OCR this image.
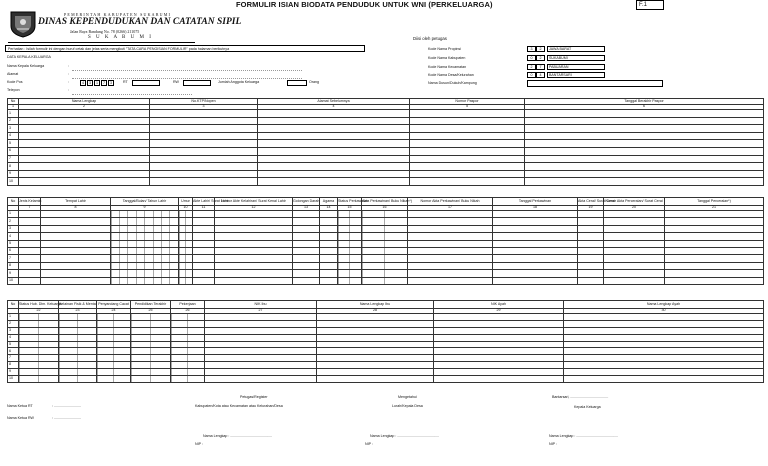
FORMULIR ISIAN BIODATA PENDUDUK UNTUK WNI (PERKELUARGA)	F.1
PEMERINTAH KABUPATEN SUKABUMI
DINAS KEPENDUDUKAN DAN CATATAN SIPIL
Jalan Raya Bandung No. 78 (0266) 211075
S U K A B U M I	Diisi oleh petugas
Kode Nama Propinsi	3	2	JAWA BARAT
Kode Nama Kabupaten	0	2	SUKABUMI
Kode Nama Kecamatan	2	7	PABUARAN
Kode Nama Desa/Kelurahan	0	4	BANTARSARI
Nama Dusun/Dukuh/Kampung
Perhatian : Isilah formulir ini dengan huruf cetak dan jelas serta mengikuti "TATA CARA PENGISIAN FORMULIR" pada halaman berikutnya
DATA KEPALA KELUARGA
Nama Kepala Keluarga	:
Alamat	:
Kode Pos	:	4	3	1	7	3	RT	RW	Jumlah Anggota Keluarga	Orang
Telepon	:
No	Nama Lengkap	No.KTP/Nopen	Alamat Sebelumnya	Nomor Paspor	Tanggal Berakhir Paspor
1	2	3	4	5	6
1					
2					
3					
4					
5					
6					
7					
8					
9					
10					
No	Jenis Kelamin	Tempat Lahir	Tanggal/Bulan/ Tahun Lahir	Umur	Akte Lahir/ Surat Lahir	Nomor Akte Kelahiran/ Surat Kenal Lahir	Golongan Darah	Agama	Status Perkawinan	Akta Perkawinan/ Buku Nikah*)	Nomor Akta Perkawinan/ Buku Nikah	Tanggal Perkawinan	Akta Cerai/ Surat Cerai	Nomor Akta Perceraian/ Surat Cerai	Tanggal Perceraian*)
	7	8	9	10	11	12	13	14	15	16	17	18	19	20	21
1															
2															
3															
4															
5															
6															
7															
8															
9															
10															
No	Status Hub. Dlm. Keluarga	Kelainan Fisik & Mental	Penyandang Cacat	Pendidikan Terakhir	Pekerjaan	NIK Ibu	Nama Lengkap Ibu	NIK Ayah	Nama Lengkap Ayah
	22	23	24	25	26	27	28	29	30
1									
2									
3									
4									
5									
6									
7									
8									
9									
10									
Nama Ketua RT	: ...........................
Nama Ketua RW	: ...........................
Petugas/Register
Kabupaten/Kota atau Kecamatan atau Kelurahan/Desa
Mengetahui
Lurah/Kepala Desa
Bantarsari, ......................................
Kepala Keluarga
Nama Lengkap : ..........................................
NIP :
Nama Lengkap : ..........................................
NIP :
Nama Lengkap : ..........................................
NIP :
